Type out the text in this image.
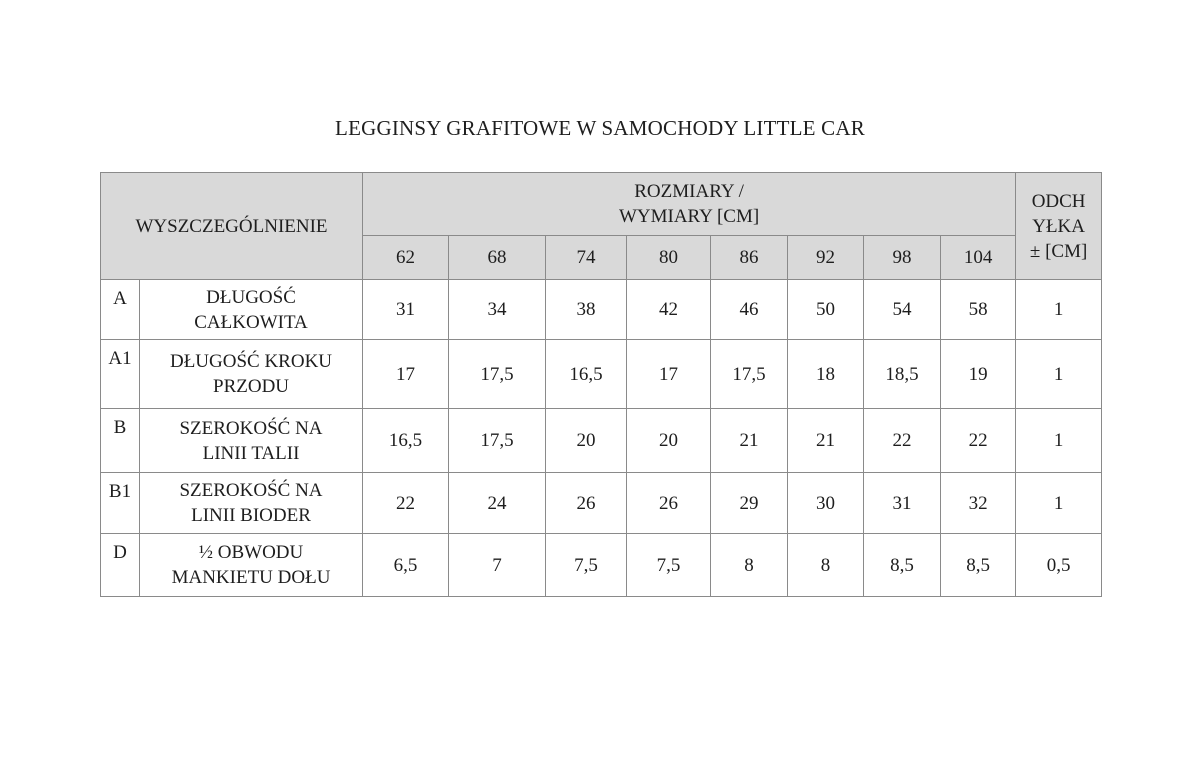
LEGGINSY GRAFITOWE W SAMOCHODY LITTLE CAR
WYSZCZEGÓLNIENIE		ROZMIARY /
WYMIARY [CM]								ODCH
YŁKA
± [CM]
		62	68	74	80	86	92	98	104	
A	DŁUGOŚĆ
CAŁKOWITA	31	34	38	42	46	50	54	58	1
A1	DŁUGOŚĆ KROKU
PRZODU	17	17,5	16,5	17	17,5	18	18,5	19	1
B	SZEROKOŚĆ NA
LINII TALII	16,5	17,5	20	20	21	21	22	22	1
B1	SZEROKOŚĆ NA
LINII BIODER	22	24	26	26	29	30	31	32	1
D	½ OBWODU
MANKIETU DOŁU	6,5	7	7,5	7,5	8	8	8,5	8,5	0,5
